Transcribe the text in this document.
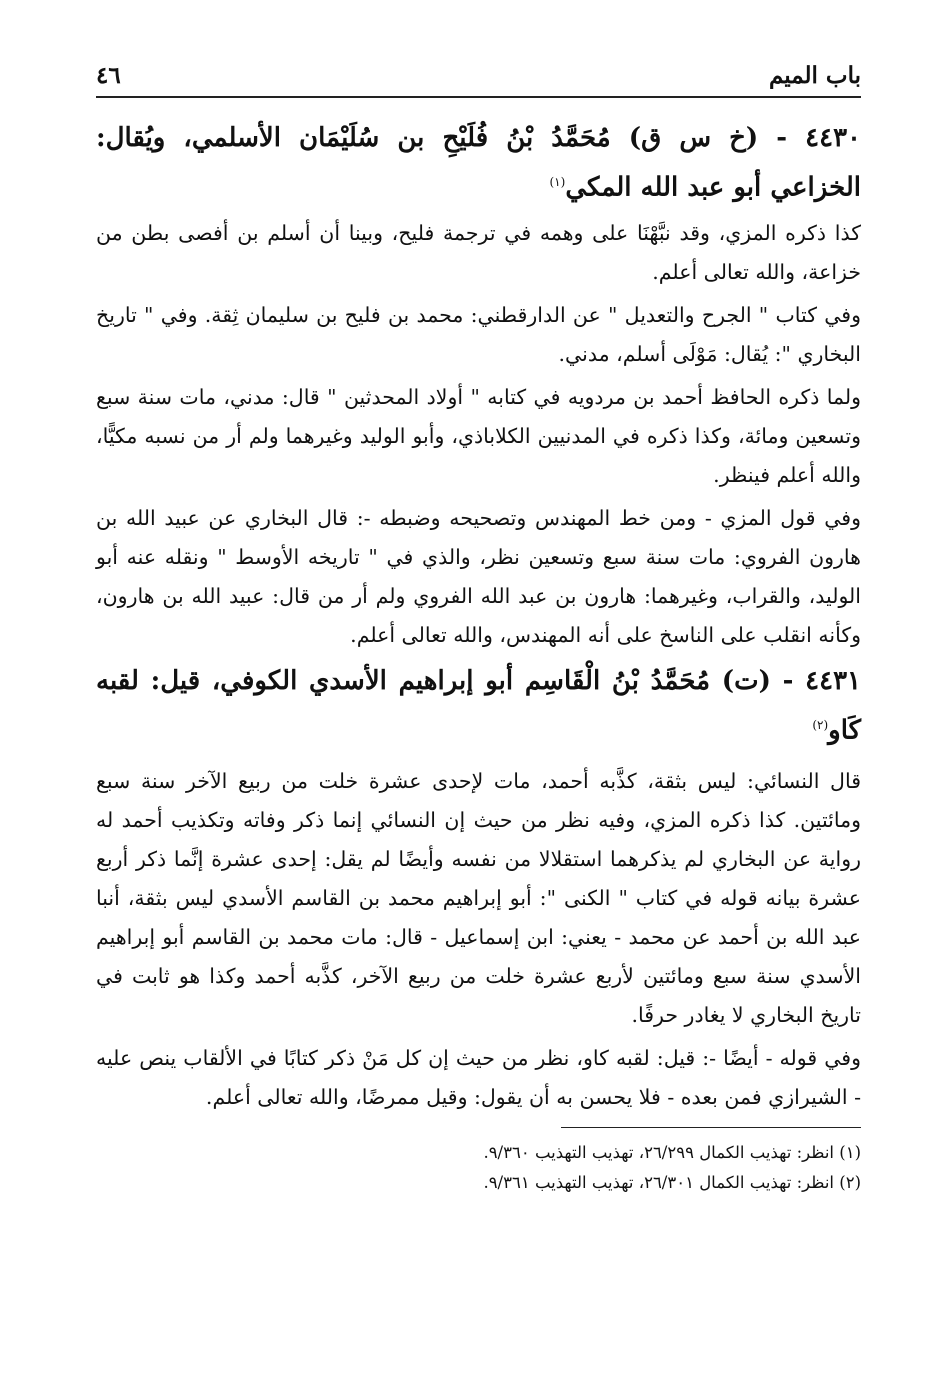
باب الميم
٤٦

٤٤٣٠ - (خ س ق) مُحَمَّدُ بْنُ فُلَيْحِ بن سُلَيْمَان الأسلمي، ويُقال: الخزاعي أبو عبد الله المكي$^{(١)}$

كذا ذكره المزي، وقد نبَّهْنَا على وهمه في ترجمة فليح، وبينا أن أسلم بن أفصى بطن من خزاعة، والله تعالى أعلم.

وفي كتاب " الجرح والتعديل " عن الدارقطني: محمد بن فليح بن سليمان ثِقة. وفي " تاريخ البخاري ": يُقال: مَوْلَى أسلم، مدني.

ولما ذكره الحافظ أحمد بن مردويه في كتابه " أولاد المحدثين " قال: مدني، مات سنة سبع وتسعين ومائة، وكذا ذكره في المدنيين الكلاباذي، وأبو الوليد وغيرهما ولم أر من نسبه مكيًّا، والله أعلم فينظر.

وفي قول المزي - ومن خط المهندس وتصحيحه وضبطه -: قال البخاري عن عبيد الله بن هارون الفروي: مات سنة سبع وتسعين نظر، والذي في " تاريخه الأوسط " ونقله عنه أبو الوليد، والقراب، وغيرهما: هارون بن عبد الله الفروي ولم أر من قال: عبيد الله بن هارون، وكأنه انقلب على الناسخ على أنه المهندس، والله تعالى أعلم.

٤٤٣١ - (ت) مُحَمَّدُ بْنُ الْقَاسِم أبو إبراهيم الأسدي الكوفي، قيل: لقبه كَاو$^{(٢)}$

قال النسائي: ليس بثقة، كذَّبه أحمد، مات لإحدى عشرة خلت من ربيع الآخر سنة سبع ومائتين. كذا ذكره المزي، وفيه نظر من حيث إن النسائي إنما ذكر وفاته وتكذيب أحمد له رواية عن البخاري لم يذكرهما استقلالا من نفسه وأيضًا لم يقل: إحدى عشرة إنَّما ذكر أربع عشرة بيانه قوله في كتاب " الكنى ": أبو إبراهيم محمد بن القاسم الأسدي ليس بثقة، أنبا عبد الله بن أحمد عن محمد - يعني: ابن إسماعيل - قال: مات محمد بن القاسم أبو إبراهيم الأسدي سنة سبع ومائتين لأربع عشرة خلت من ربيع الآخر، كذَّبه أحمد وكذا هو ثابت في تاريخ البخاري لا يغادر حرفًا.

وفي قوله - أيضًا -: قيل: لقبه كاو، نظر من حيث إن كل مَنْ ذكر كتابًا في الألقاب ينص عليه - الشيرازي فمن بعده - فلا يحسن به أن يقول: وقيل ممرضًا، والله تعالى أعلم.

(١) انظر: تهذيب الكمال ٢٦/٢٩٩، تهذيب التهذيب ٩/٣٦٠.

(٢) انظر: تهذيب الكمال ٢٦/٣٠١، تهذيب التهذيب ٩/٣٦١.
